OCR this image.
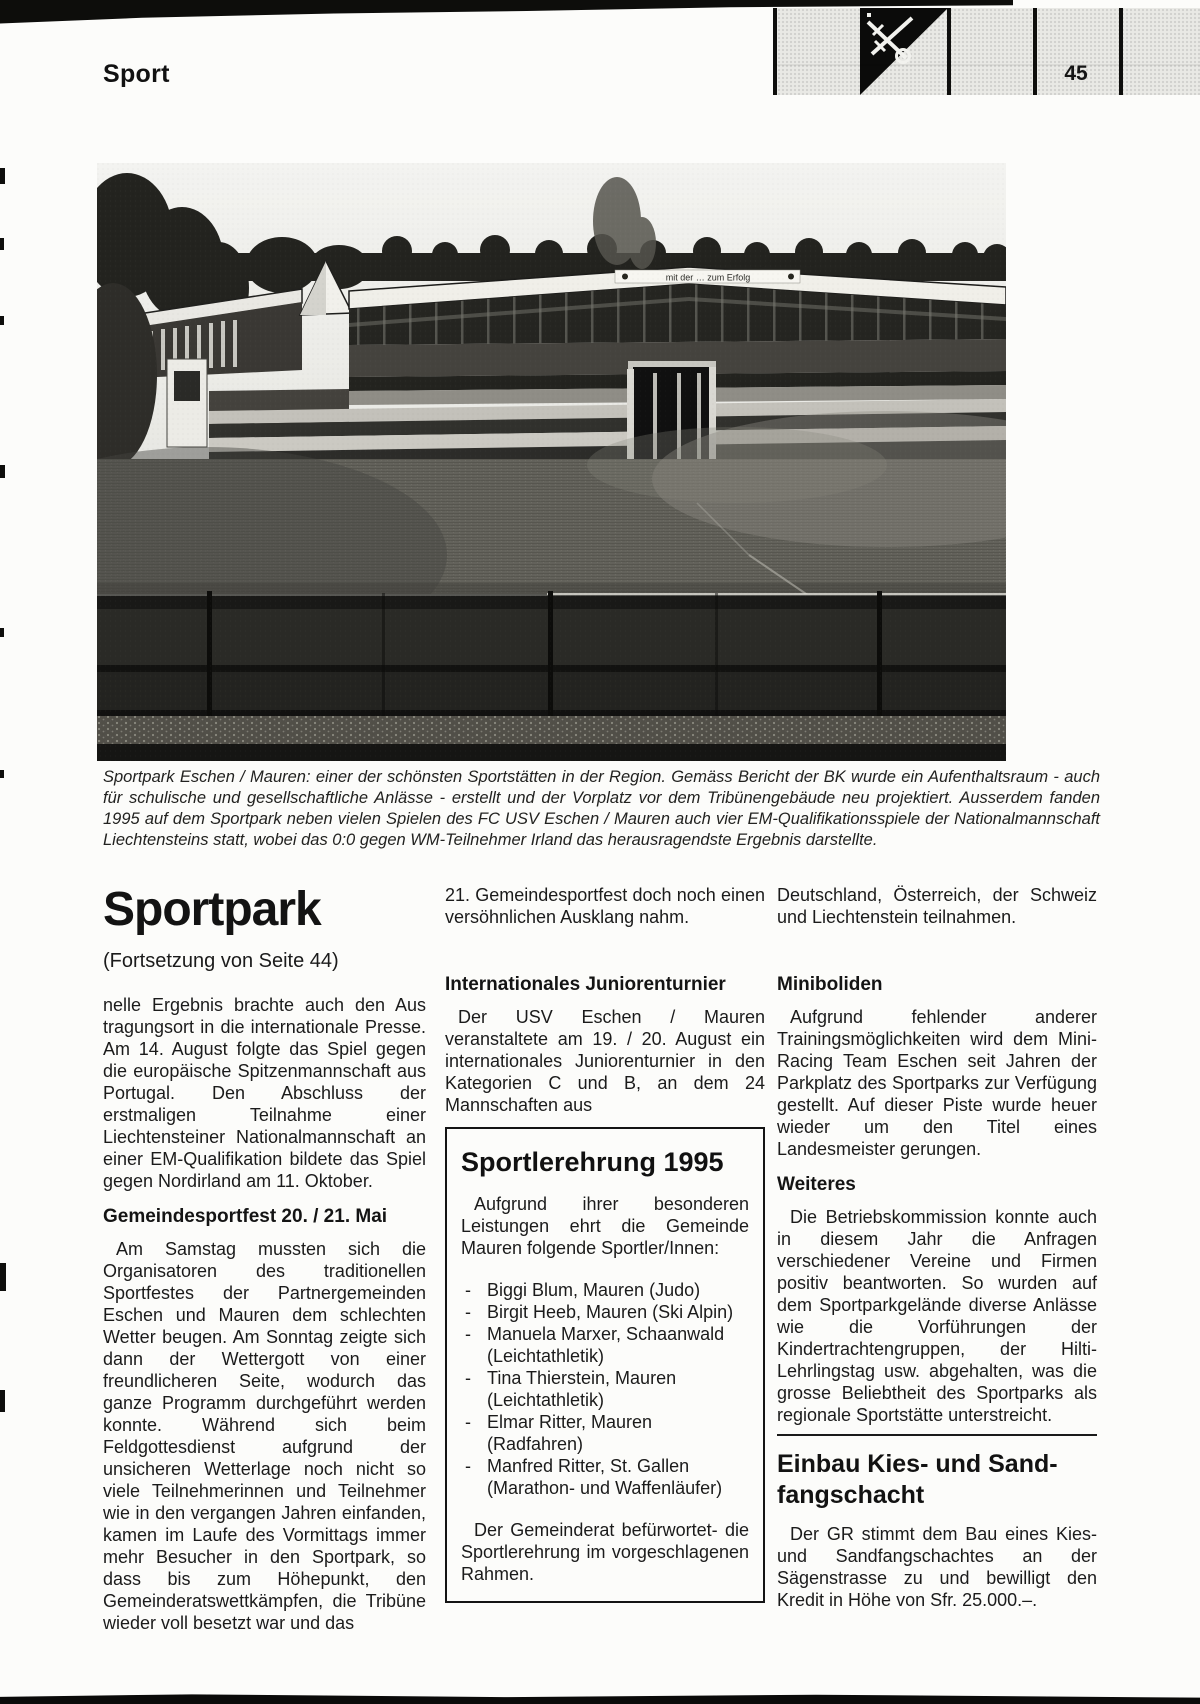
Sport	45
Sportpark Eschen / Mauren: einer der schönsten Sportstätten in der Region. Gemäss Bericht der BK wurde ein Aufenthaltsraum - auch für schulische und gesellschaftliche Anlässe - erstellt und der Vorplatz vor dem Tribünengebäude neu projektiert. Ausserdem fanden 1995 auf dem Sportpark neben vielen Spielen des FC USV Eschen / Mauren auch vier EM-Qualifikationsspiele der Nationalmannschaft Liechtensteins statt, wobei das 0:0 gegen WM-Teilnehmer Irland das herausragendste Ergebnis darstellte.
Sportpark
(Fortsetzung von Seite 44)

nelle Ergebnis brachte auch den Aus tragungsort in die internationale Presse. Am 14. August folgte das Spiel gegen die europäische Spitzenmannschaft aus Portugal. Den Abschluss der erstmaligen Teilnahme einer Liechtensteiner Nationalmannschaft an einer EM-Qualifikation bildete das Spiel gegen Nordirland am 11. Oktober.

Gemeindesportfest 20. / 21. Mai

Am Samstag mussten sich die Organisatoren des traditionellen Sportfestes der Partnergemeinden Eschen und Mauren dem schlechten Wetter beugen. Am Sonntag zeigte sich dann der Wettergott von einer freundlicheren Seite, wodurch das ganze Programm durchgeführt werden konnte. Während sich beim Feldgottesdienst aufgrund der unsicheren Wetterlage noch nicht so viele Teilnehmerinnen und Teilnehmer wie in den vergangen Jahren einfanden, kamen im Laufe des Vormittags immer mehr Besucher in den Sportpark, so dass bis zum Höhepunkt, den Gemeinderatswettkämpfen, die Tribüne wieder voll besetzt war und das

21. Gemeindesportfest doch noch einen versöhnlichen Ausklang nahm.

Internationales Juniorenturnier

Der USV Eschen / Mauren veranstaltete am 19. / 20. August ein internationales Juniorenturnier in den Kategorien C und B, an dem 24 Mannschaften aus

Sportlerehrung 1995

Aufgrund ihrer besonderen Leistungen ehrt die Gemeinde Mauren folgende Sportler/Innen:

- Biggi Blum, Mauren (Judo)
- Birgit Heeb, Mauren (Ski Alpin)
- Manuela Marxer, Schaanwald (Leichtathletik)
- Tina Thierstein, Mauren (Leichtathletik)
- Elmar Ritter, Mauren (Radfahren)
- Manfred Ritter, St. Gallen (Marathon- und Waffenläufer)

Der Gemeinderat befürwortet- die Sportlerehrung im vorgeschlagenen Rahmen.

Deutschland, Österreich, der Schweiz und Liechtenstein teilnahmen.

Miniboliden

Aufgrund fehlender anderer Trainingsmöglichkeiten wird dem Mini-Racing Team Eschen seit Jahren der Parkplatz des Sportparks zur Verfügung gestellt. Auf dieser Piste wurde heuer wieder um den Titel eines Landesmeister gerungen.

Weiteres

Die Betriebskommission konnte auch in diesem Jahr die Anfragen verschiedener Vereine und Firmen positiv beantworten. So wurden auf dem Sportparkgelände diverse Anlässe wie die Vorführungen der Kindertrachtengruppen, der Hilti-Lehrlingstag usw. abgehalten, was die grosse Beliebtheit des Sportparks als regionale Sportstätte unterstreicht.

Einbau Kies- und Sandfangschacht

Der GR stimmt dem Bau eines Kies- und Sandfangschachtes an der Sägenstrasse zu und bewilligt den Kredit in Höhe von Sfr. 25.000.–.
